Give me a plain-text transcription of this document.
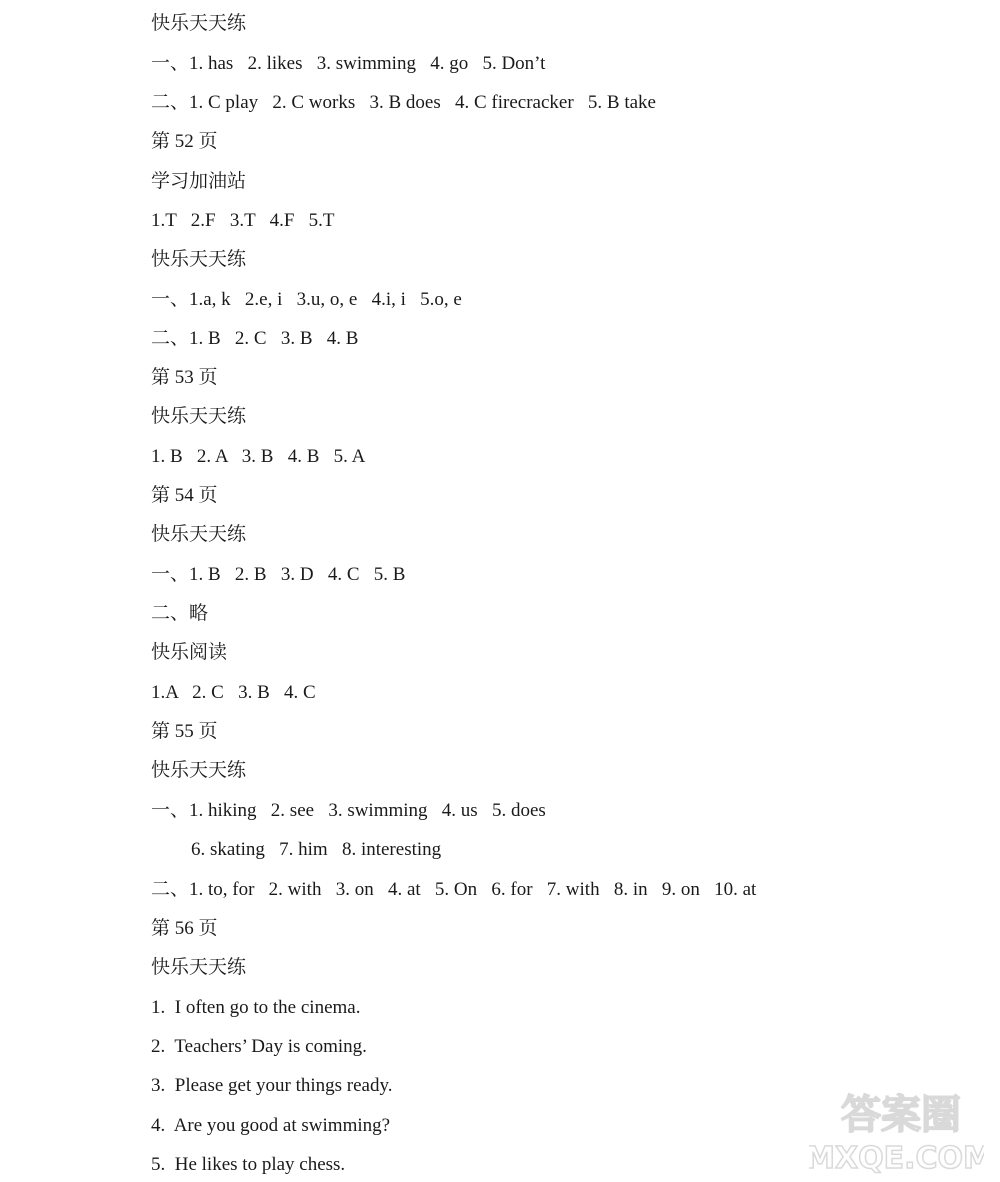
快乐天天练
一、1. has   2. likes   3. swimming   4. go   5. Don’t
二、1. C play   2. C works   3. B does   4. C firecracker   5. B take
第 52 页
学习加油站
1.T   2.F   3.T   4.F   5.T
快乐天天练
一、1.a, k   2.e, i   3.u, o, e   4.i, i   5.o, e
二、1. B   2. C   3. B   4. B
第 53 页
快乐天天练
1. B   2. A   3. B   4. B   5. A
第 54 页
快乐天天练
一、1. B   2. B   3. D   4. C   5. B
二、略
快乐阅读
1.A   2. C   3. B   4. C
第 55 页
快乐天天练
一、1. hiking   2. see   3. swimming   4. us   5. does
6. skating   7. him   8. interesting
二、1. to, for   2. with   3. on   4. at   5. On   6. for   7. with   8. in   9. on   10. at
第 56 页
快乐天天练
1.  I often go to the cinema.
2.  Teachers’ Day is coming.
3.  Please get your things ready.
4.  Are you good at swimming?
5.  He likes to play chess.
答案圈
MXQE.COM
